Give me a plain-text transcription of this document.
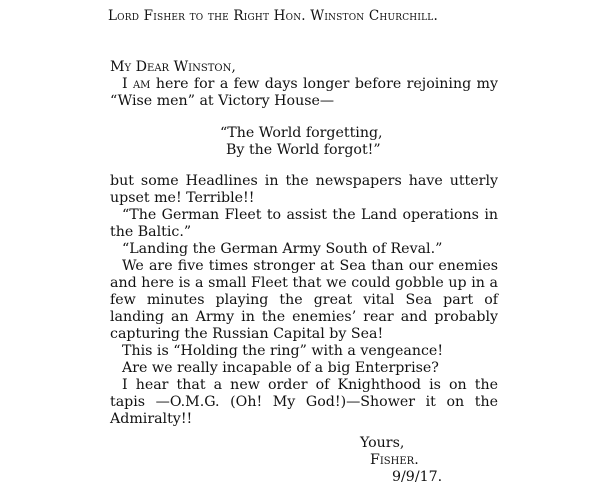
Lord Fisher to the Right Hon. Winston Churchill.

My Dear Winston,

I am here for a few days longer before rejoining my “Wise men” at Victory House—

“The World forgetting,
By the World forgot!”

but some Headlines in the newspapers have utterly upset me! Terrible!!

“The German Fleet to assist the Land operations in the Baltic.”

“Landing the German Army South of Reval.”

We are five times stronger at Sea than our enemies and here is a small Fleet that we could gobble up in a few minutes playing the great vital Sea part of landing an Army in the enemies’ rear and probably capturing the Russian Capital by Sea!

This is “Holding the ring” with a vengeance!

Are we really incapable of a big Enterprise?

I hear that a new order of Knighthood is on the tapis —O.M.G. (Oh! My God!)—Shower it on the Admiralty!!

Yours,
Fisher.
9/9/17.
